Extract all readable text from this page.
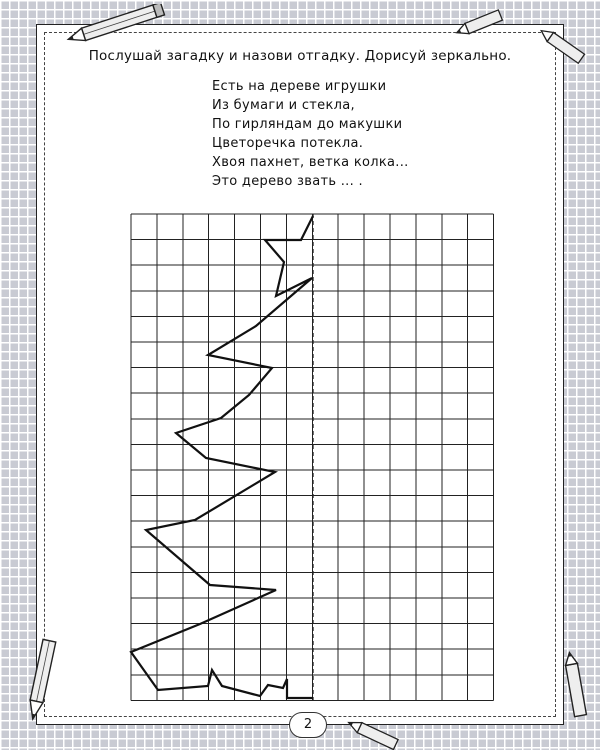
Послушай загадку и назови отгадку. Дорисуй зеркально.
Есть на дереве игрушки
Из бумаги и стекла,
По гирляндам до макушки
Цветоречка потекла.
Хвоя пахнет, ветка колка...
Это дерево звать ... .
2
